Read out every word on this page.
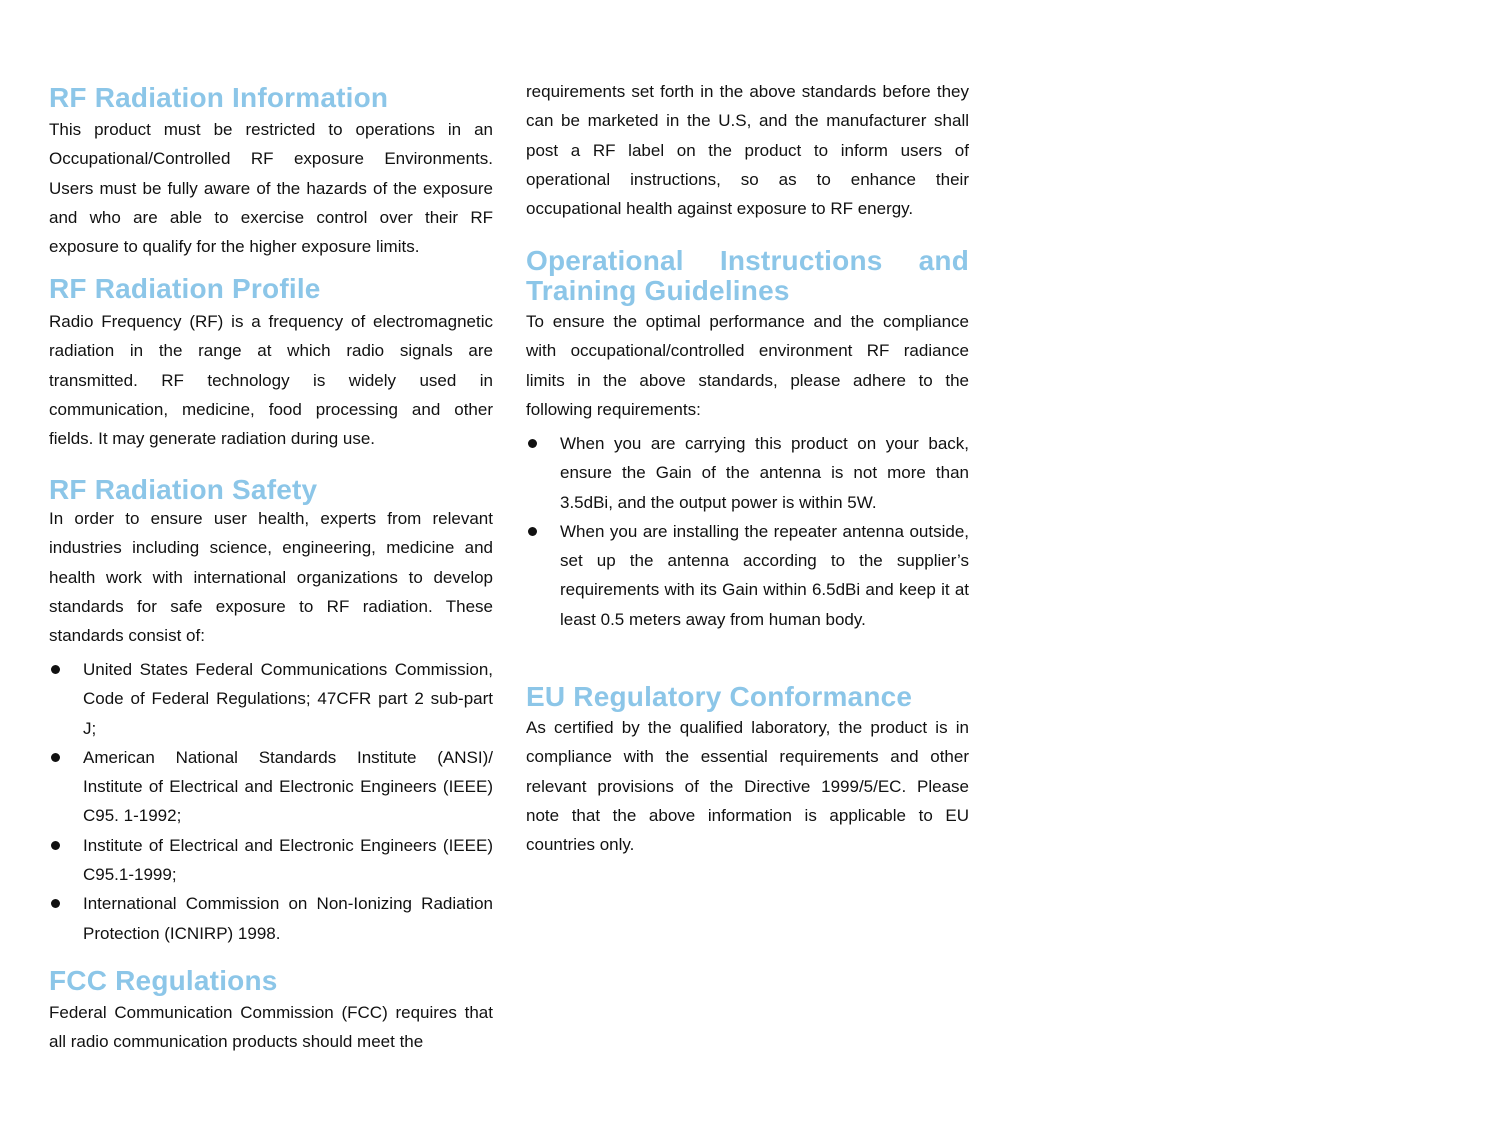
RF Radiation Information

This product must be restricted to operations in an Occupational/Controlled RF exposure Environments. Users must be fully aware of the hazards of the exposure and who are able to exercise control over their RF exposure to qualify for the higher exposure limits.

RF Radiation Profile

Radio Frequency (RF) is a frequency of electromagnetic radiation in the range at which radio signals are transmitted. RF technology is widely used in communication, medicine, food processing and other fields. It may generate radiation during use.

RF Radiation Safety

In order to ensure user health, experts from relevant industries including science, engineering, medicine and health work with international organizations to develop standards for safe exposure to RF radiation. These standards consist of:

United States Federal Communications Commission, Code of Federal Regulations; 47CFR part 2 sub-part J;
American National Standards Institute (ANSI)/ Institute of Electrical and Electronic Engineers (IEEE) C95. 1-1992;
Institute of Electrical and Electronic Engineers (IEEE) C95.1-1999;
International Commission on Non-Ionizing Radiation Protection (ICNIRP) 1998.
FCC Regulations

Federal Communication Commission (FCC) requires that all radio communication products should meet the

requirements set forth in the above standards before they can be marketed in the U.S, and the manufacturer shall post a RF label on the product to inform users of operational instructions, so as to enhance their occupational health against exposure to RF energy.

Operational Instructions and
Training Guidelines

To ensure the optimal performance and the compliance with occupational/controlled environment RF radiance limits in the above standards, please adhere to the following requirements:

When you are carrying this product on your back, ensure the Gain of the antenna is not more than 3.5dBi, and the output power is within 5W.
When you are installing the repeater antenna outside, set up the antenna according to the supplier’s requirements with its Gain within 6.5dBi and keep it at least 0.5 meters away from human body.
EU Regulatory Conformance

As certified by the qualified laboratory, the product is in compliance with the essential requirements and other relevant provisions of the Directive 1999/5/EC. Please note that the above information is applicable to EU countries only.
